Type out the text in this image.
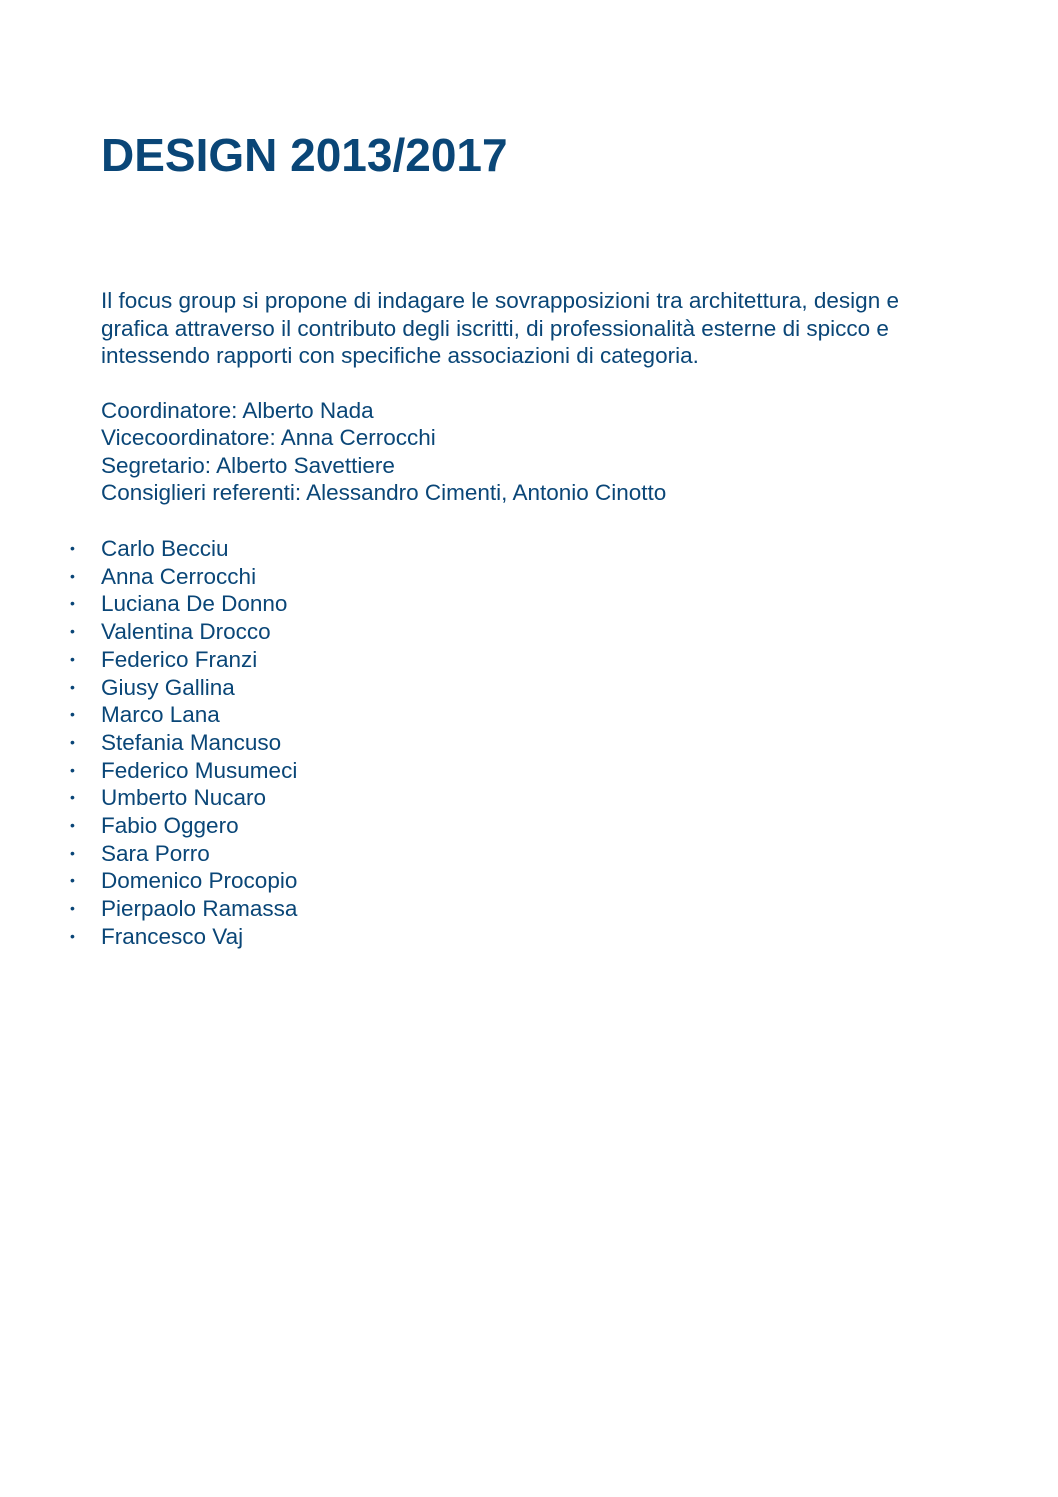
DESIGN 2013/2017

Il focus group si propone di indagare le sovrapposizioni tra architettura, design e
grafica attraverso il contributo degli iscritti, di professionalità esterne di spicco e
intessendo rapporti con specifiche associazioni di categoria.

Coordinatore: Alberto Nada
Vicecoordinatore: Anna Cerrocchi
Segretario: Alberto Savettiere
Consiglieri referenti: Alessandro Cimenti, Antonio Cinotto
• Carlo Becciu
• Anna Cerrocchi
• Luciana De Donno
• Valentina Drocco
• Federico Franzi
• Giusy Gallina
• Marco Lana
• Stefania Mancuso
• Federico Musumeci
• Umberto Nucaro
• Fabio Oggero
• Sara Porro
• Domenico Procopio
• Pierpaolo Ramassa
• Francesco Vaj
